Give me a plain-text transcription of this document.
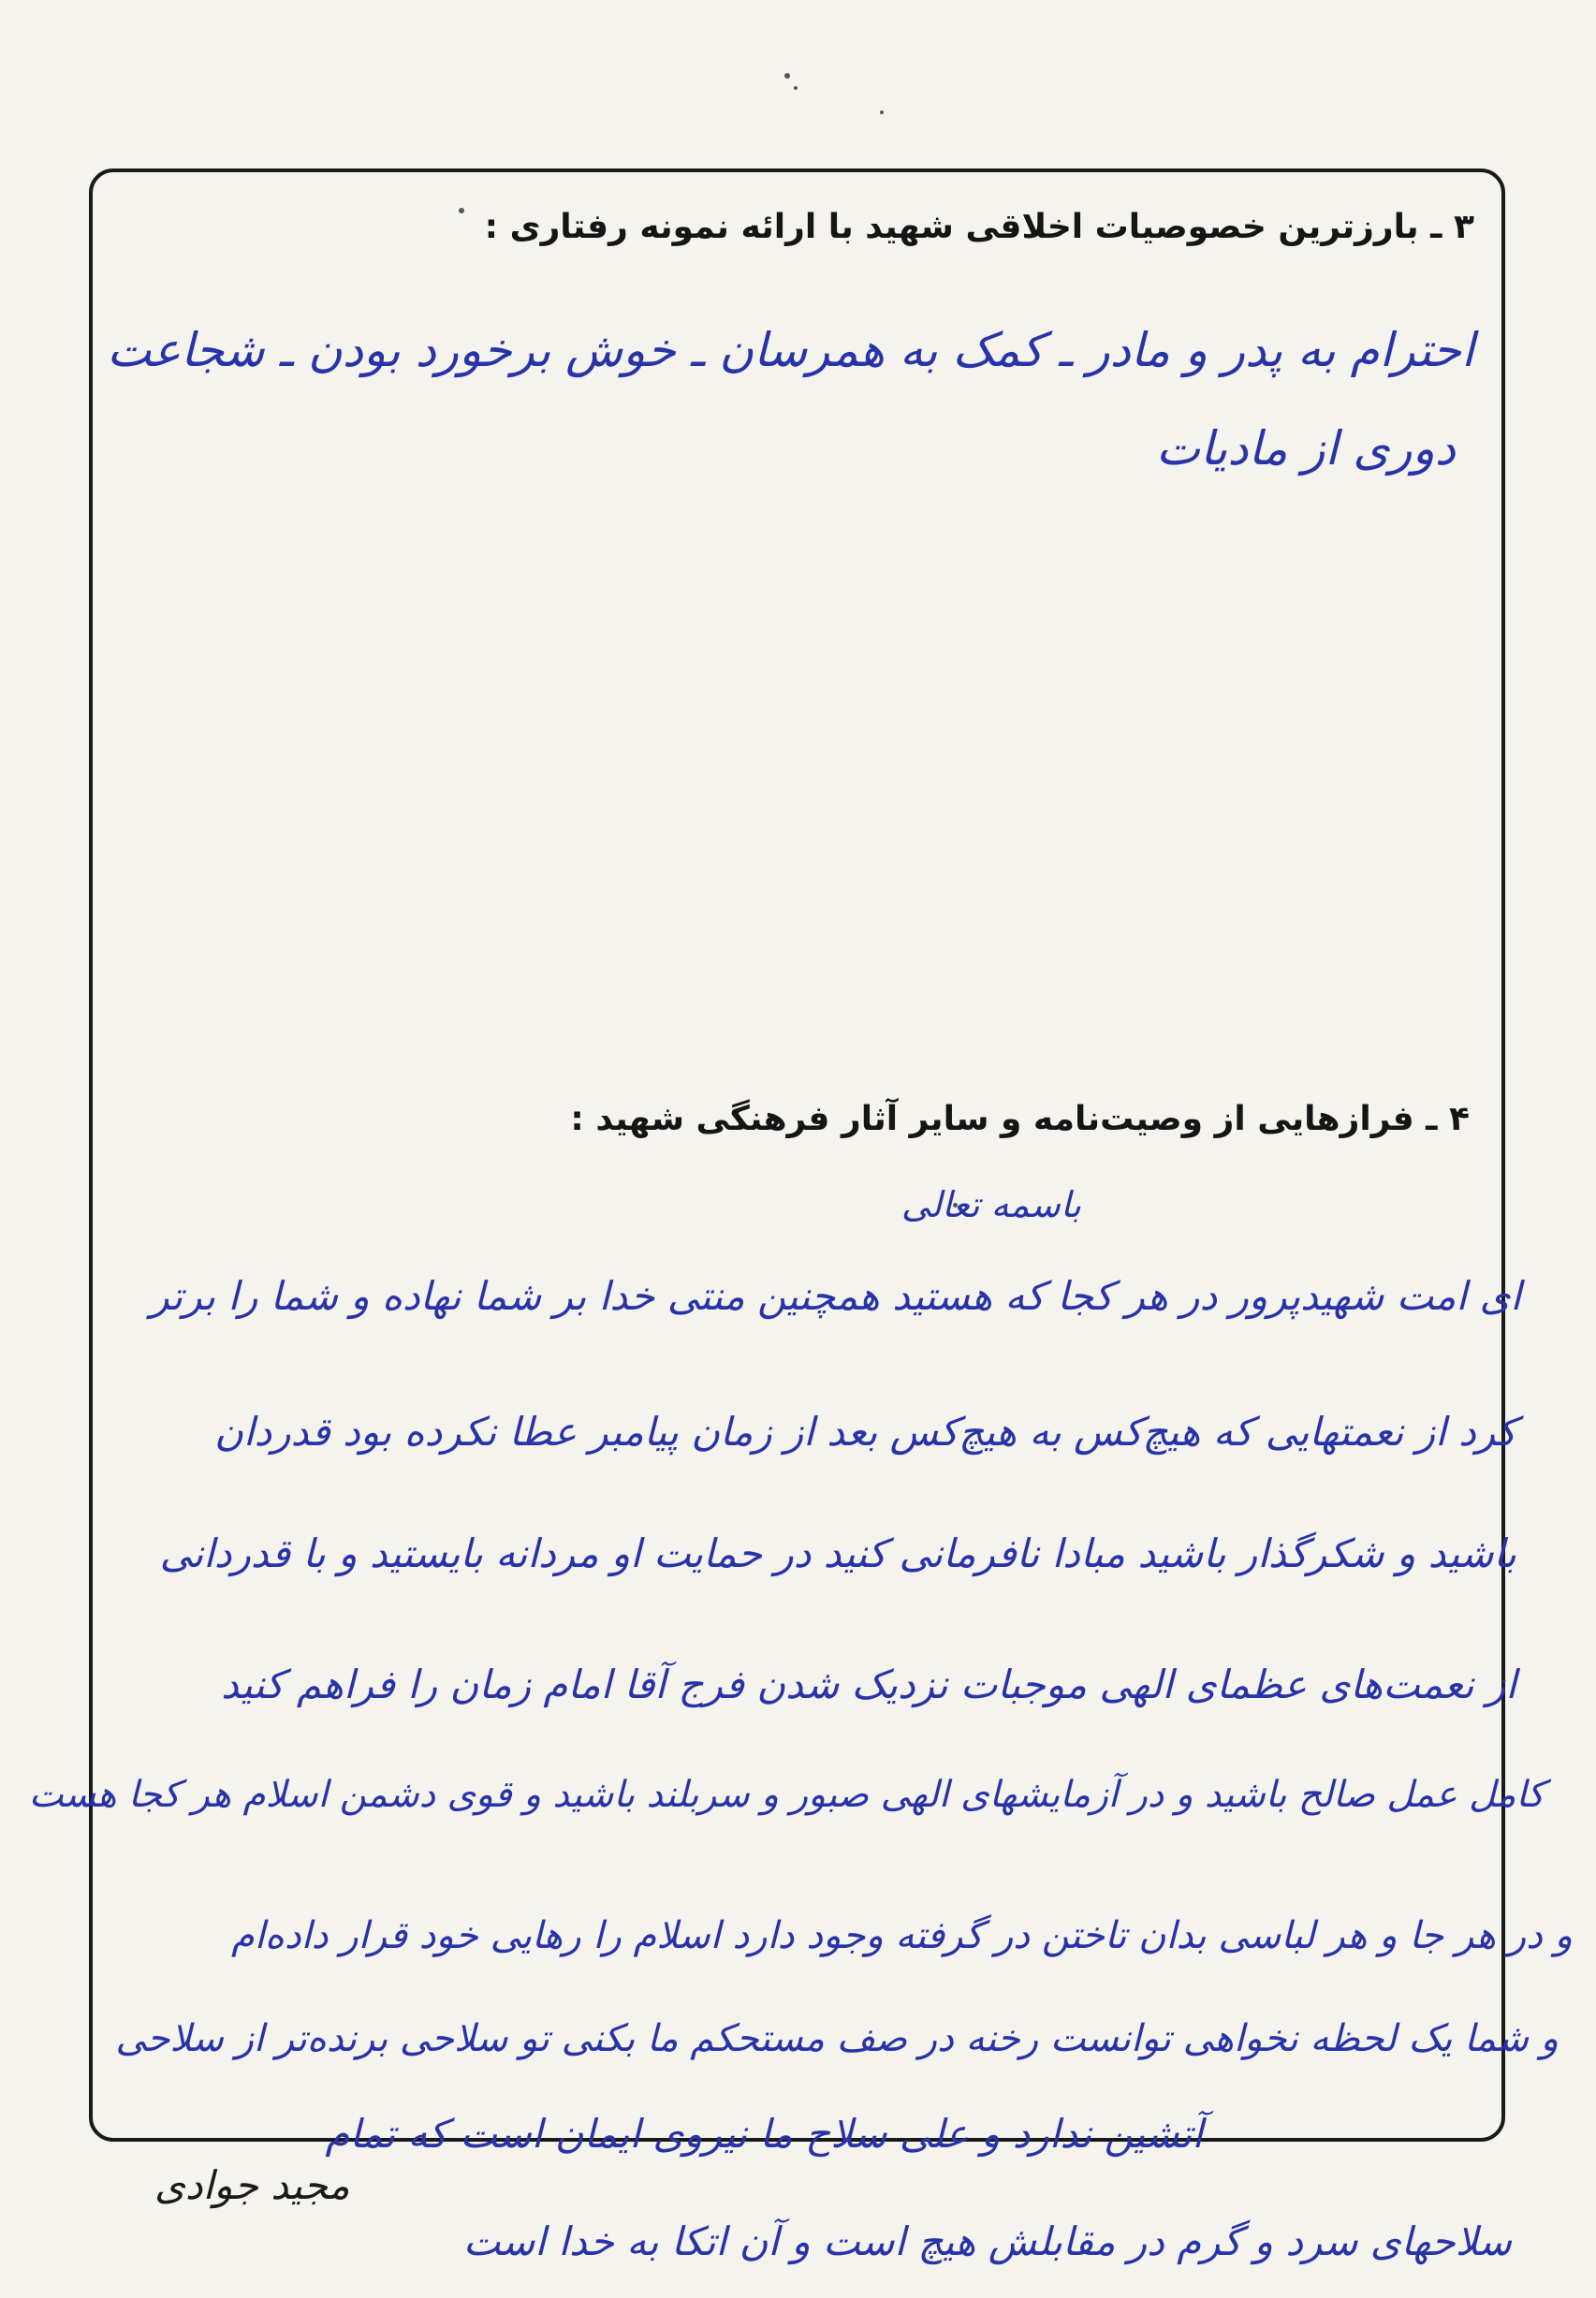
۳ ـ بارزترین خصوصیات اخلاقی شهید با ارائه نمونه رفتاری :
احترام به پدر و مادر ـ کمک به همرسان ـ خوش برخورد بودن ـ شجاعت
دوری از مادیات
۴ ـ فرازهایی از وصیت‌نامه و سایر آثار فرهنگی شهید :
باسمه تعالی
ای امت شهیدپرور در هر کجا که هستید همچنین منتی خدا بر شما نهاده و شما را برتر
کرد از نعمتهایی که هیچ‌کس به هیچ‌کس بعد از زمان پیامبر عطا نکرده بود قدردان
باشید و شکرگذار باشید مبادا نافرمانی کنید در حمایت او مردانه بایستید و با قدردانی
از نعمت‌های عظمای الهی موجبات نزدیک شدن فرج آقا امام زمان را فراهم کنید
کامل عمل صالح باشید و در آزمایشهای الهی صبور و سربلند باشید و قوی دشمن اسلام هر کجا هست
و در هر جا و هر لباسی بدان تاختن در گرفته وجود دارد اسلام را رهایی خود قرار داده‌ام
و شما یک لحظه نخواهی توانست رخنه در صف مستحکم ما بکنی تو سلاحی برنده‌تر از سلاحی
آتشین ندارد و علی سلاح ما نیروی ایمان است که تمام
سلاحهای سرد و گرم در مقابلش هیچ است و آن اتکا به خدا است
مجید جوادی
